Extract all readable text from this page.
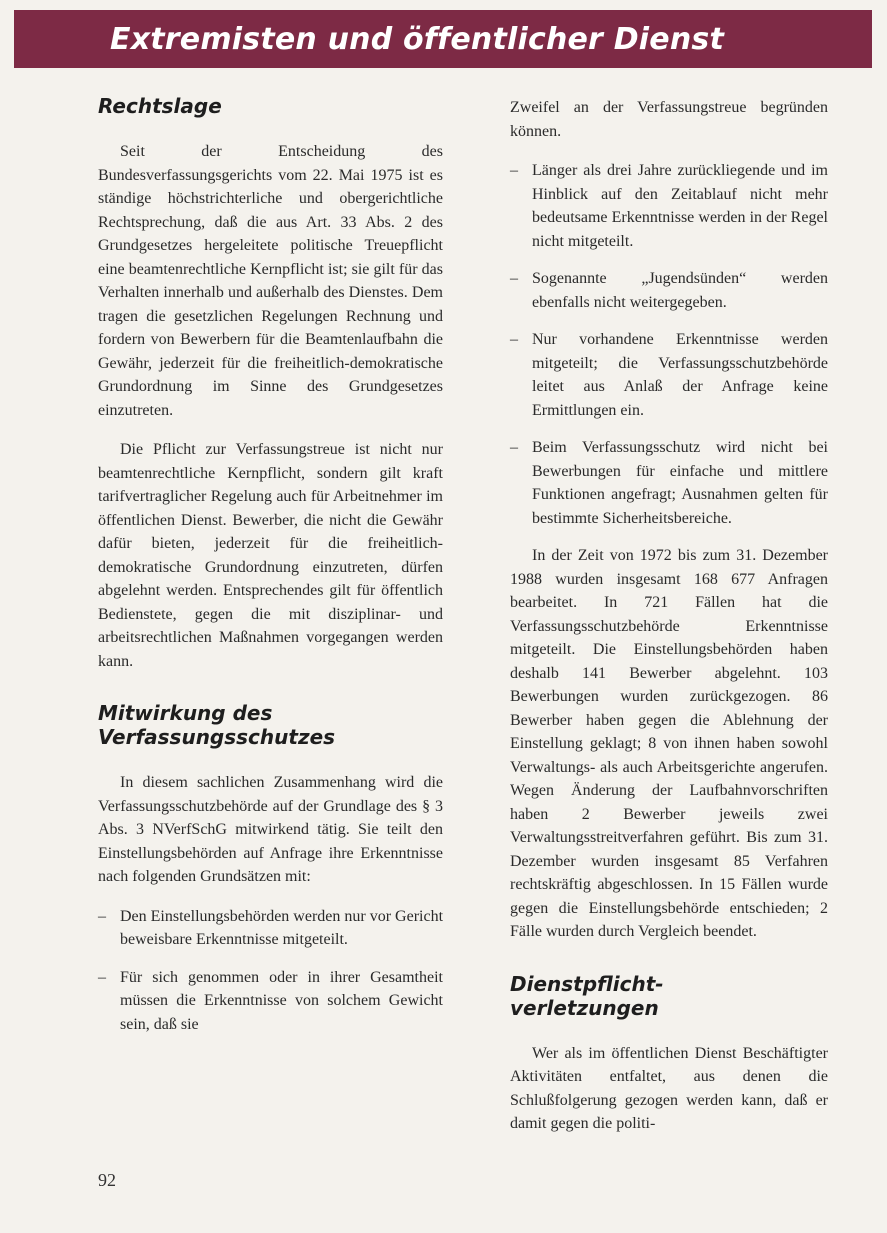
Extremisten und öffentlicher Dienst
Rechtslage

Seit der Entscheidung des Bundesverfassungsgerichts vom 22. Mai 1975 ist es ständige höchstrichterliche und obergerichtliche Rechtsprechung, daß die aus Art. 33 Abs. 2 des Grundgesetzes hergeleitete politische Treuepflicht eine beamtenrechtliche Kernpflicht ist; sie gilt für das Verhalten innerhalb und außerhalb des Dienstes. Dem tragen die gesetzlichen Regelungen Rechnung und fordern von Bewerbern für die Beamtenlaufbahn die Gewähr, jederzeit für die freiheitlich-demokratische Grundordnung im Sinne des Grundgesetzes einzutreten.

Die Pflicht zur Verfassungstreue ist nicht nur beamtenrechtliche Kernpflicht, sondern gilt kraft tarifvertraglicher Regelung auch für Arbeitnehmer im öffentlichen Dienst. Bewerber, die nicht die Gewähr dafür bieten, jederzeit für die freiheitlich-demokratische Grundordnung einzutreten, dürfen abgelehnt werden. Entsprechendes gilt für öffentlich Bedienstete, gegen die mit disziplinar- und arbeitsrechtlichen Maßnahmen vorgegangen werden kann.

Mitwirkung des
Verfassungsschutzes

In diesem sachlichen Zusammenhang wird die Verfassungsschutzbehörde auf der Grundlage des § 3 Abs. 3 NVerfSchG mitwirkend tätig. Sie teilt den Einstellungsbehörden auf Anfrage ihre Erkenntnisse nach folgenden Grundsätzen mit:

– Den Einstellungsbehörden werden nur vor Gericht beweisbare Erkenntnisse mitgeteilt.
– Für sich genommen oder in ihrer Gesamtheit müssen die Erkenntnisse von solchem Gewicht sein, daß sie

Zweifel an der Verfassungstreue begründen können.

– Länger als drei Jahre zurückliegende und im Hinblick auf den Zeitablauf nicht mehr bedeutsame Erkenntnisse werden in der Regel nicht mitgeteilt.
– Sogenannte „Jugendsünden“ werden ebenfalls nicht weitergegeben.
– Nur vorhandene Erkenntnisse werden mitgeteilt; die Verfassungsschutzbehörde leitet aus Anlaß der Anfrage keine Ermittlungen ein.
– Beim Verfassungsschutz wird nicht bei Bewerbungen für einfache und mittlere Funktionen angefragt; Ausnahmen gelten für bestimmte Sicherheitsbereiche.

In der Zeit von 1972 bis zum 31. Dezember 1988 wurden insgesamt 168 677 Anfragen bearbeitet. In 721 Fällen hat die Verfassungsschutzbehörde Erkenntnisse mitgeteilt. Die Einstellungsbehörden haben deshalb 141 Bewerber abgelehnt. 103 Bewerbungen wurden zurückgezogen. 86 Bewerber haben gegen die Ablehnung der Einstellung geklagt; 8 von ihnen haben sowohl Verwaltungs- als auch Arbeitsgerichte angerufen. Wegen Änderung der Laufbahnvorschriften haben 2 Bewerber jeweils zwei Verwaltungsstreitverfahren geführt. Bis zum 31. Dezember wurden insgesamt 85 Verfahren rechtskräftig abgeschlossen. In 15 Fällen wurde gegen die Einstellungsbehörde entschieden; 2 Fälle wurden durch Vergleich beendet.

Dienstpflicht-
verletzungen

Wer als im öffentlichen Dienst Beschäftigter Aktivitäten entfaltet, aus denen die Schlußfolgerung gezogen werden kann, daß er damit gegen die politi-

92
